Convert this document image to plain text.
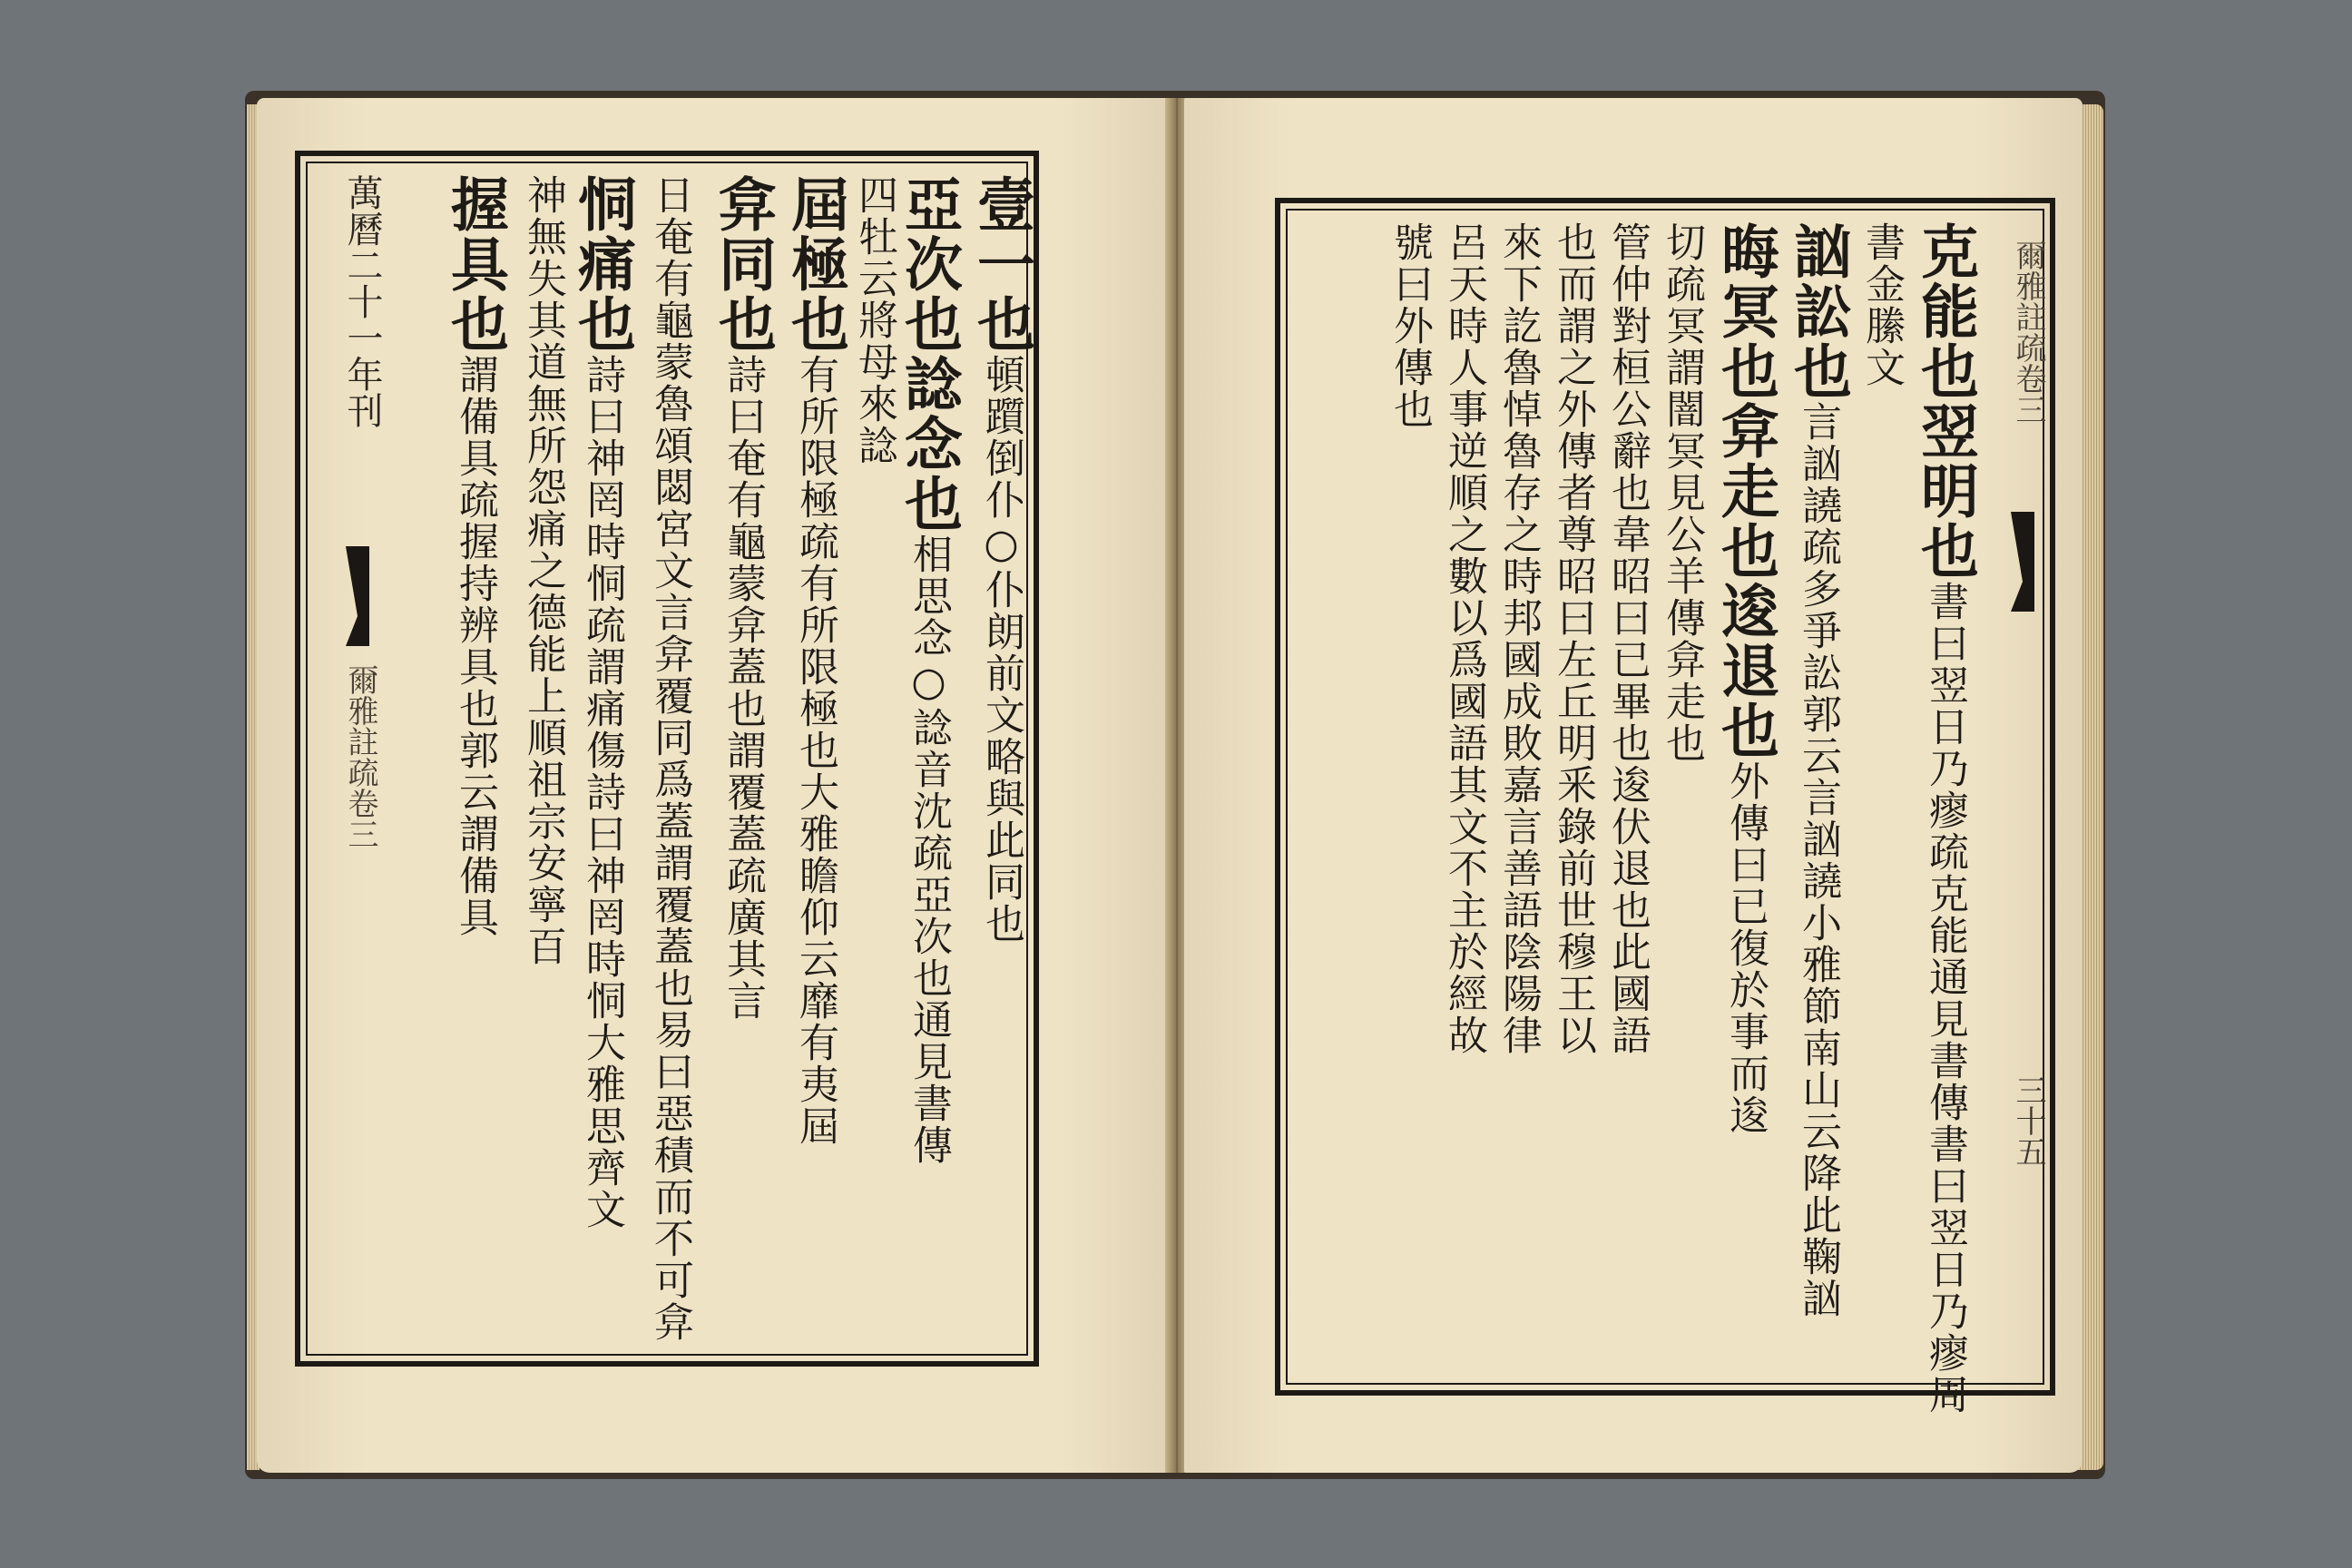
壹一也頓躓倒仆○仆朗前文略與此同也
亞次也諗念也相思念○諗音沈疏亞次也通見書傳
四牡云將母來諗
屆極也有所限極疏有所限極也大雅瞻仰云靡有夷屆
弇同也詩曰奄有龜蒙弇蓋也謂覆蓋疏廣其言
日奄有龜蒙魯頌閟宮文言弇覆同爲蓋謂覆蓋也易曰惡積而不可弇
恫痛也詩曰神罔時恫疏謂痛傷詩曰神罔時恫大雅思齊文
神無失其道無所怨痛之德能上順祖宗安寧百
握具也謂備具疏握持辨具也郭云謂備具
萬曆二十一年刊
爾雅註疏卷三
克能也翌明也書曰翌日乃瘳疏克能通見書傳書曰翌日乃瘳周
書金縢文
訩訟也言訩譊疏多爭訟郭云言訩譊小雅節南山云降此鞠訩
晦冥也弇走也逡退也外傳曰已復於事而逡
切疏冥謂闇冥見公羊傳弇走也
管仲對桓公辭也韋昭曰已畢也逡伏退也此國語
也而謂之外傳者尊昭曰左丘明釆錄前世穆王以
來下訖魯悼魯存之時邦國成敗嘉言善語陰陽律
呂天時人事逆順之數以爲國語其文不主於經故
號曰外傳也	爾雅註疏卷三
三十五
